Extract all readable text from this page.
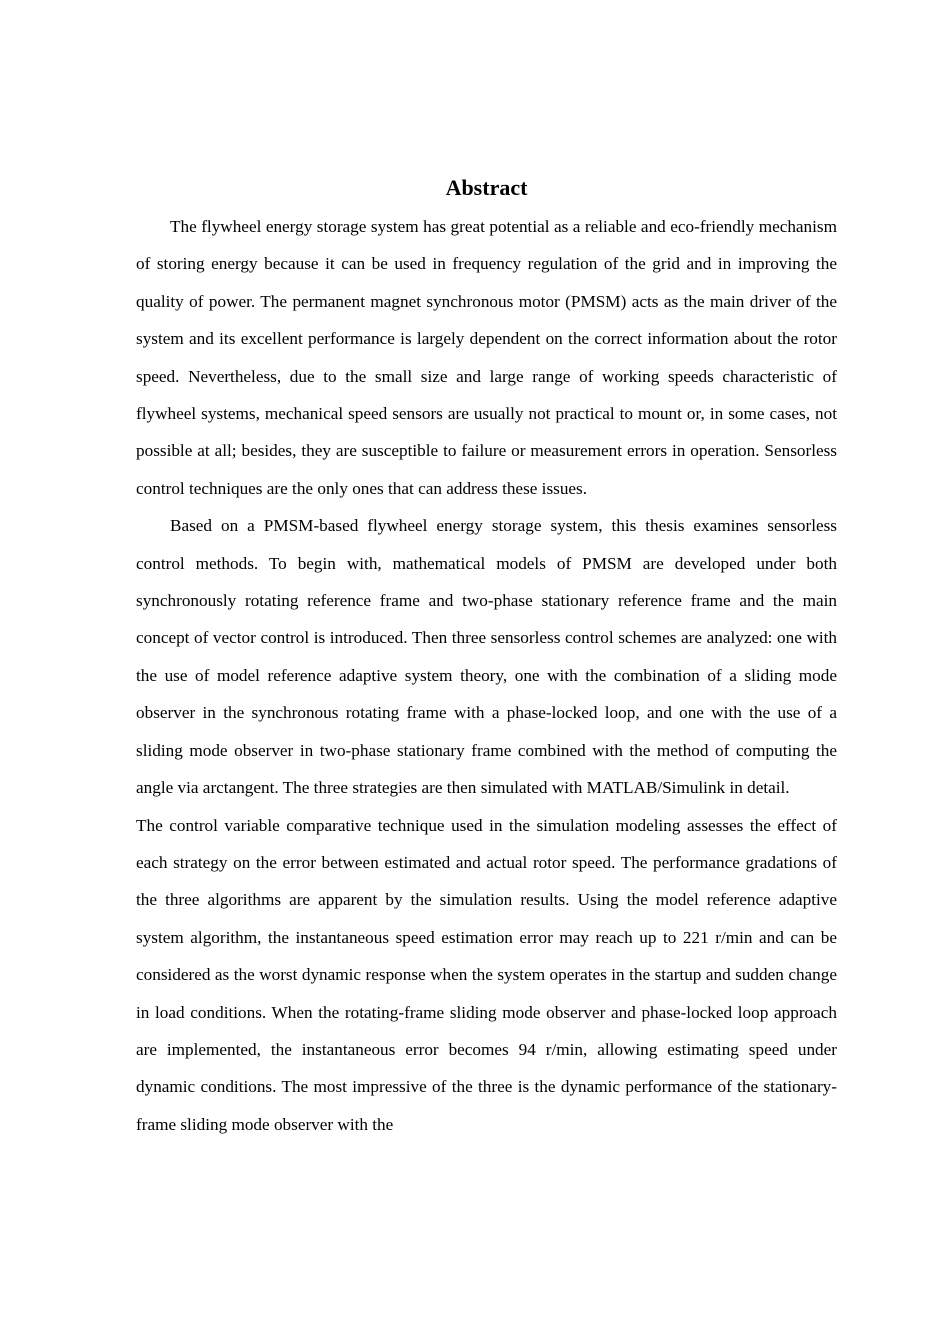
Abstract

The flywheel energy storage system has great potential as a reliable and eco-friendly mechanism of storing energy because it can be used in frequency regulation of the grid and in improving the quality of power. The permanent magnet synchronous motor (PMSM) acts as the main driver of the system and its excellent performance is largely dependent on the correct information about the rotor speed. Nevertheless, due to the small size and large range of working speeds characteristic of flywheel systems, mechanical speed sensors are usually not practical to mount or, in some cases, not possible at all; besides, they are susceptible to failure or measurement errors in operation. Sensorless control techniques are the only ones that can address these issues.

Based on a PMSM-based flywheel energy storage system, this thesis examines sensorless control methods. To begin with, mathematical models of PMSM are developed under both synchronously rotating reference frame and two-phase stationary reference frame and the main concept of vector control is introduced. Then three sensorless control schemes are analyzed: one with the use of model reference adaptive system theory, one with the combination of a sliding mode observer in the synchronous rotating frame with a phase-locked loop, and one with the use of a sliding mode observer in two-phase stationary frame combined with the method of computing the angle via arctangent. The three strategies are then simulated with MATLAB/Simulink in detail.

The control variable comparative technique used in the simulation modeling assesses the effect of each strategy on the error between estimated and actual rotor speed. The performance gradations of the three algorithms are apparent by the simulation results. Using the model reference adaptive system algorithm, the instantaneous speed estimation error may reach up to 221 r/min and can be considered as the worst dynamic response when the system operates in the startup and sudden change in load conditions. When the rotating-frame sliding mode observer and phase-locked loop approach are implemented, the instantaneous error becomes 94 r/min, allowing estimating speed under dynamic conditions. The most impressive of the three is the dynamic performance of the stationary-frame sliding mode observer with the
